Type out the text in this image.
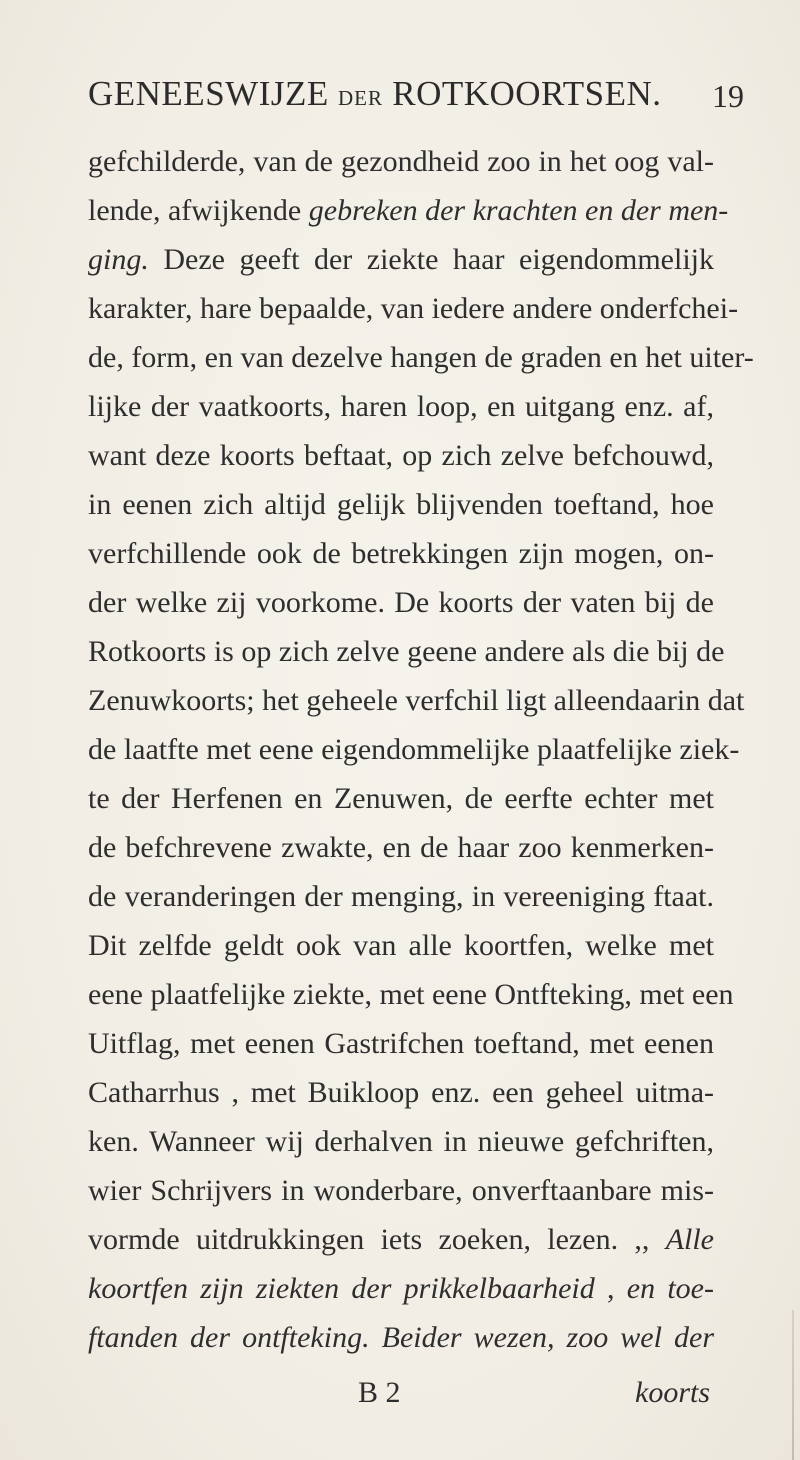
GENEESWIJZE DER ROTKOORTSEN.	19
gefchilderde, van de gezondheid zoo in het oog val-
lende, afwijkende gebreken der krachten en der men-
ging. Deze geeft der ziekte haar eigendommelijk
karakter, hare bepaalde, van iedere andere onderfchei-
de, form, en van dezelve hangen de graden en het uiter-
lijke der vaatkoorts, haren loop, en uitgang enz. af,
want deze koorts beftaat, op zich zelve befchouwd,
in eenen zich altijd gelijk blijvenden toeftand, hoe
verfchillende ook de betrekkingen zijn mogen, on-
der welke zij voorkome. De koorts der vaten bij de
Rotkoorts is op zich zelve geene andere als die bij de
Zenuwkoorts; het geheele verfchil ligt alleendaarin dat
de laatfte met eene eigendommelijke plaatfelijke ziek-
te der Herfenen en Zenuwen, de eerfte echter met
de befchrevene zwakte, en de haar zoo kenmerken-
de veranderingen der menging, in vereeniging ftaat.
Dit zelfde geldt ook van alle koortfen, welke met
eene plaatfelijke ziekte, met eene Ontfteking, met een
Uitflag, met eenen Gastrifchen toeftand, met eenen
Catharrhus , met Buikloop enz. een geheel uitma-
ken. Wanneer wij derhalven in nieuwe gefchriften,
wier Schrijvers in wonderbare, onverftaanbare mis-
vormde uitdrukkingen iets zoeken, lezen. ,, Alle
koortfen zijn ziekten der prikkelbaarheid , en toe-
ftanden der ontfteking. Beider wezen, zoo wel der
B 2	koorts
